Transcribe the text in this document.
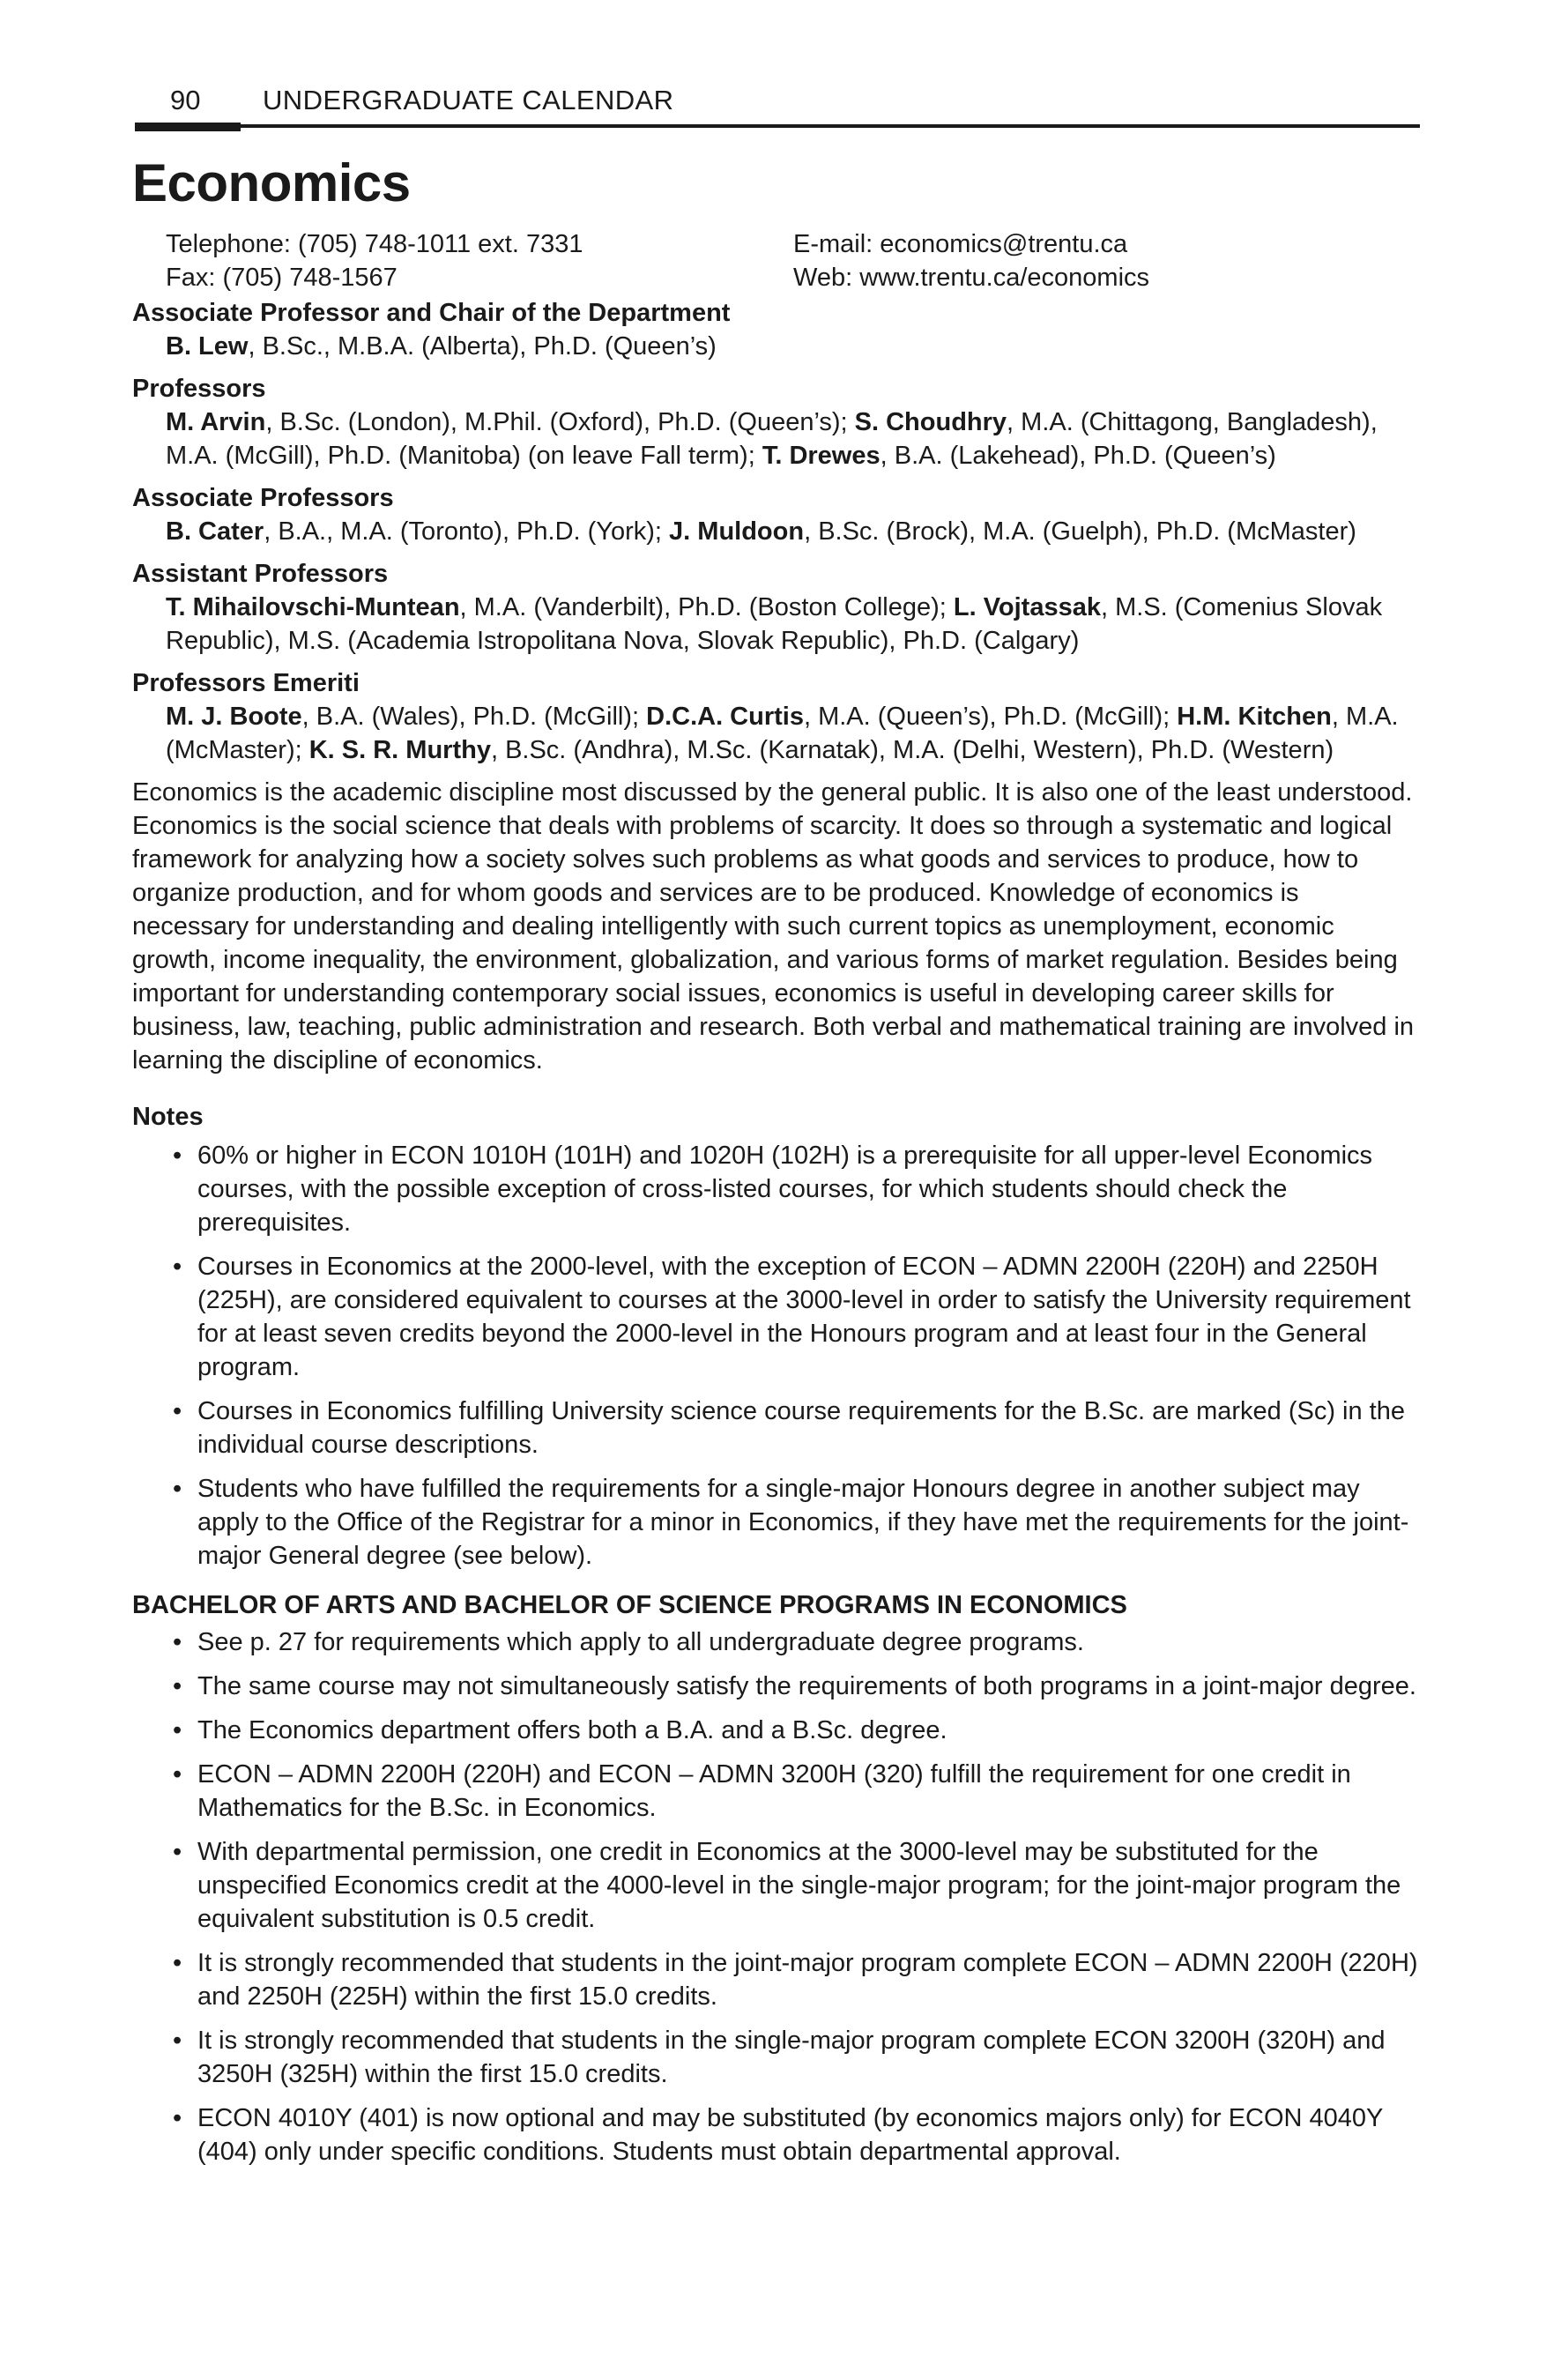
90 UNDERGRADUATE CALENDAR
Economics
Telephone: (705) 748-1011 ext. 7331
Fax: (705) 748-1567
E-mail: economics@trentu.ca
Web: www.trentu.ca/economics

Associate Professor and Chair of the Department

B. Lew, B.Sc., M.B.A. (Alberta), Ph.D. (Queen’s)

Professors

M. Arvin, B.Sc. (London), M.Phil. (Oxford), Ph.D. (Queen’s); S. Choudhry, M.A. (Chittagong, Bangladesh), M.A. (McGill), Ph.D. (Manitoba) (on leave Fall term); T. Drewes, B.A. (Lakehead), Ph.D. (Queen’s)

Associate Professors

B. Cater, B.A., M.A. (Toronto), Ph.D. (York); J. Muldoon, B.Sc. (Brock), M.A. (Guelph), Ph.D. (McMaster)

Assistant Professors

T. Mihailovschi-Muntean, M.A. (Vanderbilt), Ph.D. (Boston College); L. Vojtassak, M.S. (Comenius Slovak Republic), M.S. (Academia Istropolitana Nova, Slovak Republic), Ph.D. (Calgary)

Professors Emeriti

M. J. Boote, B.A. (Wales), Ph.D. (McGill); D.C.A. Curtis, M.A. (Queen’s), Ph.D. (McGill); H.M. Kitchen, M.A. (McMaster); K. S. R. Murthy, B.Sc. (Andhra), M.Sc. (Karnatak), M.A. (Delhi, Western), Ph.D. (Western)

Economics is the academic discipline most discussed by the general public. It is also one of the least understood. Economics is the social science that deals with problems of scarcity. It does so through a systematic and logical framework for analyzing how a society solves such problems as what goods and services to produce, how to organize production, and for whom goods and services are to be produced. Knowledge of economics is necessary for understanding and dealing intelligently with such current topics as unemployment, economic growth, income inequality, the environment, globalization, and various forms of market regulation. Besides being important for understanding contemporary social issues, economics is useful in developing career skills for business, law, teaching, public administration and research. Both verbal and mathematical training are involved in learning the discipline of economics.

Notes

• 60% or higher in ECON 1010H (101H) and 1020H (102H) is a prerequisite for all upper-level Economics courses, with the possible exception of cross-listed courses, for which students should check the prerequisites.
• Courses in Economics at the 2000-level, with the exception of ECON – ADMN 2200H (220H) and 2250H (225H), are considered equivalent to courses at the 3000-level in order to satisfy the University requirement for at least seven credits beyond the 2000-level in the Honours program and at least four in the General program.
• Courses in Economics fulfilling University science course requirements for the B.Sc. are marked (Sc) in the individual course descriptions.
• Students who have fulfilled the requirements for a single-major Honours degree in another subject may apply to the Office of the Registrar for a minor in Economics, if they have met the requirements for the joint-major General degree (see below).

BACHELOR OF ARTS AND BACHELOR OF SCIENCE PROGRAMS IN ECONOMICS

• See p. 27 for requirements which apply to all undergraduate degree programs.
• The same course may not simultaneously satisfy the requirements of both programs in a joint-major degree.
• The Economics department offers both a B.A. and a B.Sc. degree.
• ECON – ADMN 2200H (220H) and ECON – ADMN 3200H (320) fulfill the requirement for one credit in Mathematics for the B.Sc. in Economics.
• With departmental permission, one credit in Economics at the 3000-level may be substituted for the unspecified Economics credit at the 4000-level in the single-major program; for the joint-major program the equivalent substitution is 0.5 credit.
• It is strongly recommended that students in the joint-major program complete ECON – ADMN 2200H (220H) and 2250H (225H) within the first 15.0 credits.
• It is strongly recommended that students in the single-major program complete ECON 3200H (320H) and 3250H (325H) within the first 15.0 credits.
• ECON 4010Y (401) is now optional and may be substituted (by economics majors only) for ECON 4040Y (404) only under specific conditions. Students must obtain departmental approval.
